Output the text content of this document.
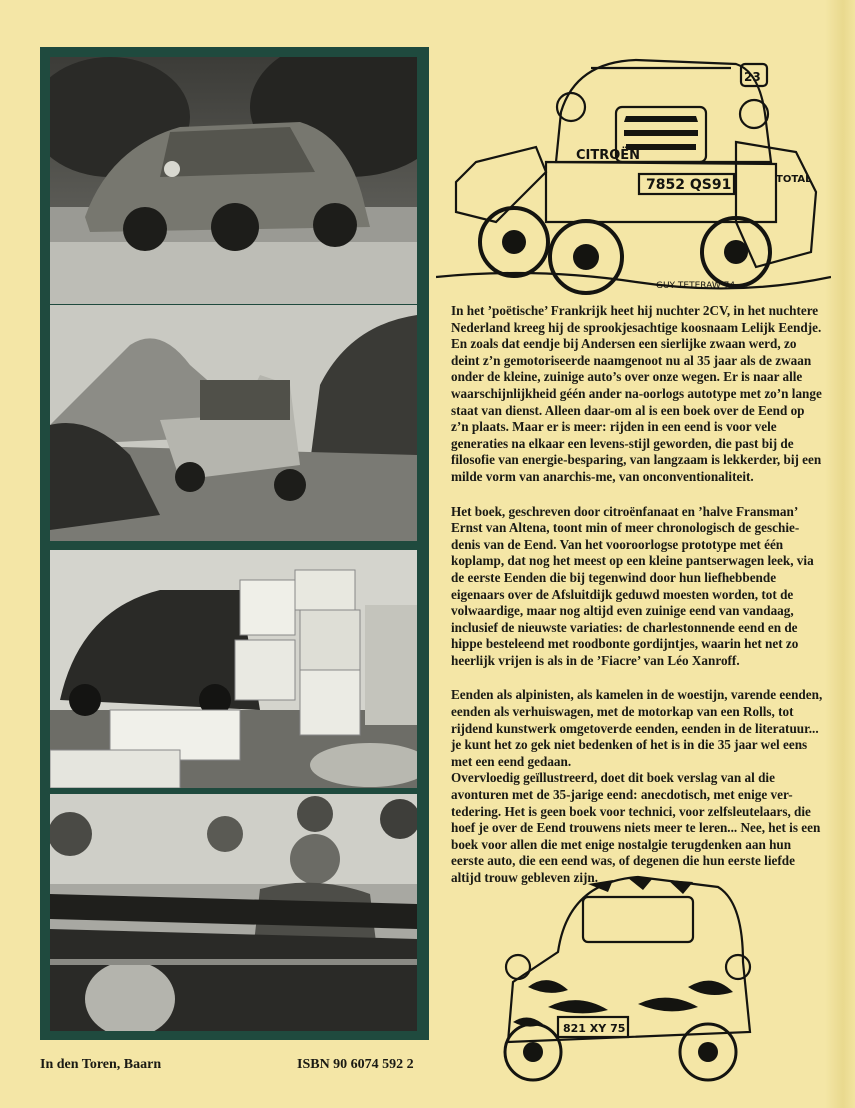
CITROËN
7852 QS91
23
TOTAL
GUY TETERAW 74

In het ’poëtische’ Frankrijk heet hij nuchter 2CV, in het nuchtere Nederland kreeg hij de sprookjesachtige koosnaam Lelijk Eendje. En zoals dat eendje bij Andersen een sierlijke zwaan werd, zo deint z’n gemotoriseerde naamgenoot nu al 35 jaar als de zwaan onder de kleine, zuinige auto’s over onze wegen. Er is naar alle waarschijnlijkheid géén ander na-oorlogs autotype met zo’n lange staat van dienst. Alleen daar-om al is een boek over de Eend op z’n plaats. Maar er is meer: rijden in een eend is voor vele generaties na elkaar een levens-stijl geworden, die past bij de filosofie van energie-besparing, van langzaam is lekkerder, bij een milde vorm van anarchis-me, van onconventionaliteit.

Het boek, geschreven door citroënfanaat en ’halve Fransman’ Ernst van Altena, toont min of meer chronologisch de geschie-denis van de Eend. Van het vooroorlogse prototype met één koplamp, dat nog het meest op een kleine pantserwagen leek, via de eerste Eenden die bij tegenwind door hun liefhebbende eigenaars over de Afsluitdijk geduwd moesten worden, tot de volwaardige, maar nog altijd even zuinige eend van vandaag, inclusief de nieuwste variaties: de charlestonnende eend en de hippe besteleend met roodbonte gordijntjes, waarin het net zo heerlijk vrijen is als in de ’Fiacre’ van Léo Xanroff.

Eenden als alpinisten, als kamelen in de woestijn, varende eenden, eenden als verhuiswagen, met de motorkap van een Rolls, tot rijdend kunstwerk omgetoverde eenden, eenden in de literatuur... je kunt het zo gek niet bedenken of het is in die 35 jaar wel eens met een eend gedaan.

Overvloedig geïllustreerd, doet dit boek verslag van al die avonturen met de 35-jarige eend: anecdotisch, met enige ver-tedering. Het is geen boek voor technici, voor zelfsleutelaars, die hoef je over de Eend trouwens niets meer te leren... Nee, het is een boek voor allen die met enige nostalgie terugdenken aan hun eerste auto, die een eend was, of degenen die hun eerste liefde altijd trouw gebleven zijn.

821 XY 75
In den Toren, Baarn	ISBN 90 6074 592 2
